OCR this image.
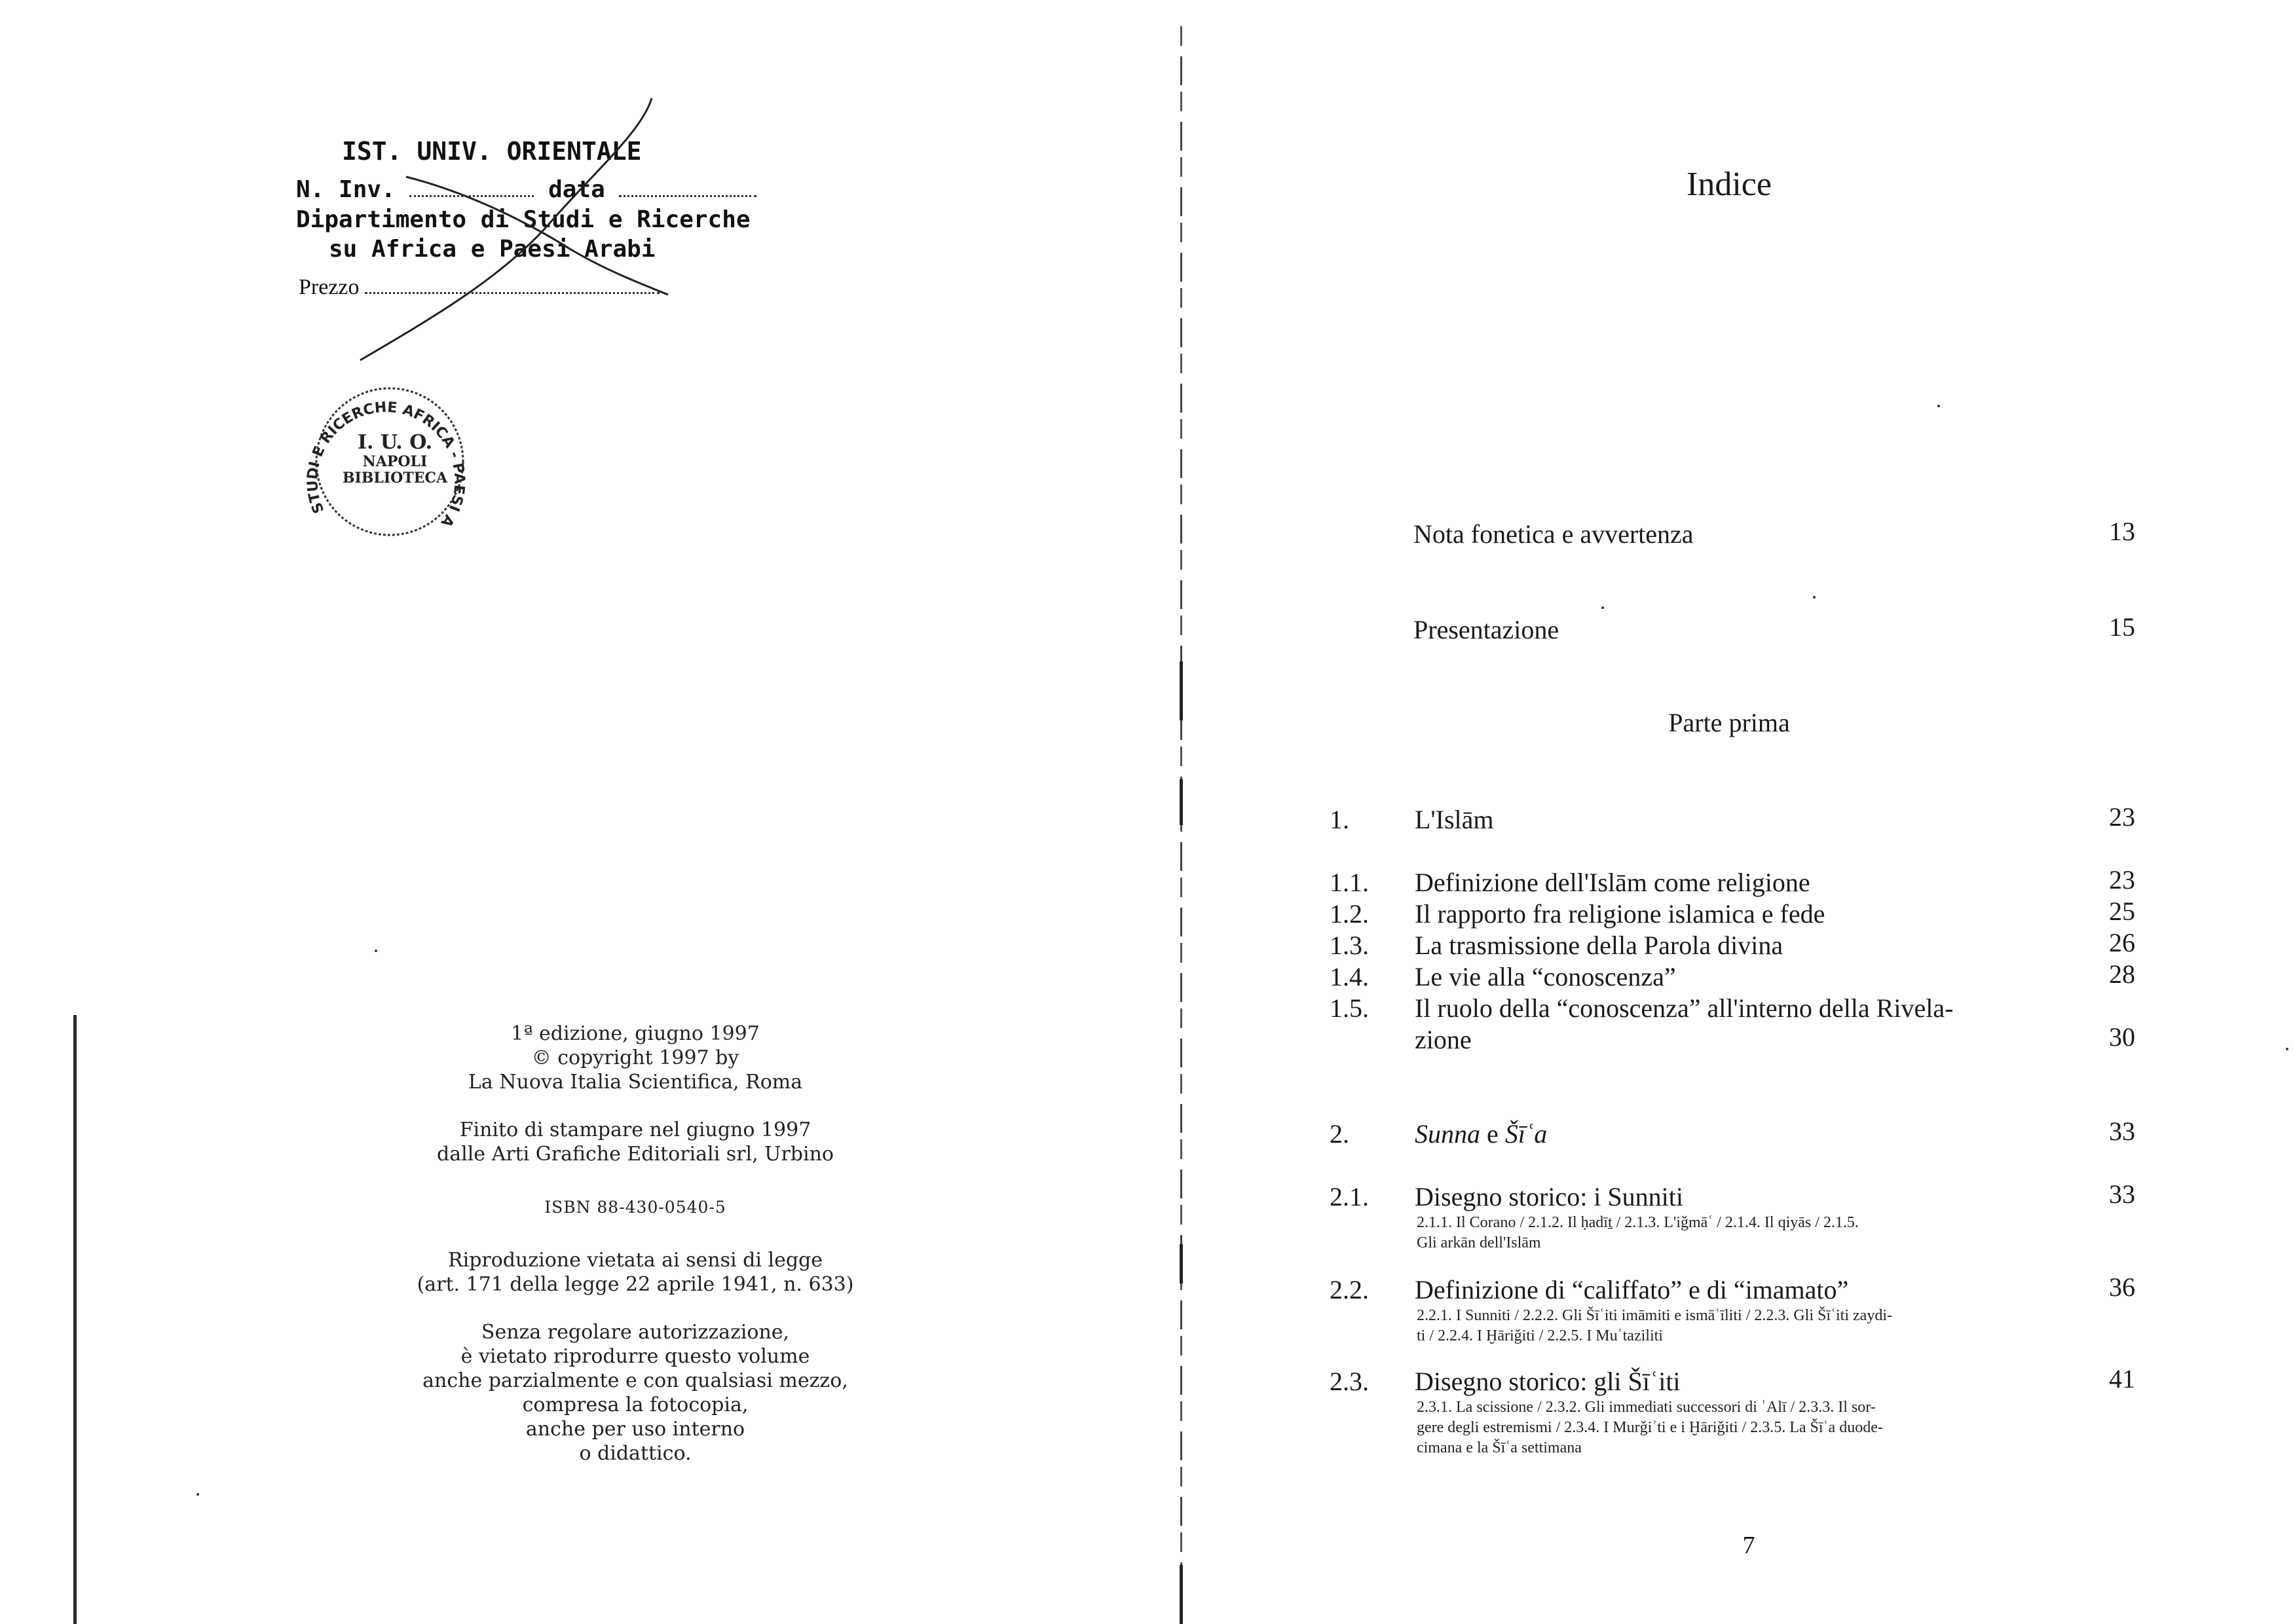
IST. UNIV. ORIENTALE
N. Inv.	data
Dipartimento di Studi e Ricerche
su Africa e Paesi Arabi
Prezzo
STUDI E RICERCHE AFRICA - PAESI A
I. U. O.
NAPOLI
BIBLIOTECA

1ª edizione, giugno 1997

© copyright 1997 by

La Nuova Italia Scientifica, Roma

Finito di stampare nel giugno 1997

dalle Arti Grafiche Editoriali srl, Urbino

ISBN 88-430-0540-5

Riproduzione vietata ai sensi di legge

(art. 171 della legge 22 aprile 1941, n. 633)

Senza regolare autorizzazione,

è vietato riprodurre questo volume

anche parzialmente e con qualsiasi mezzo,

compresa la fotocopia,

anche per uso interno

o didattico.

Indice
Nota fonetica e avvertenza	13
Presentazione	15
Parte prima
1.	L'Islām	23
1.1. Definizione dell'Islām come religione	23
1.2. Il rapporto fra religione islamica e fede	25
1.3. La trasmissione della Parola divina	26
1.4. Le vie alla “conoscenza”	28
1.5. Il ruolo della “conoscenza” all'interno della Rivela-
zione	30
2.	Sunna e Šīʿa	33
2.1. Disegno storico: i Sunniti	33
2.1.1. Il Corano / 2.1.2. Il ḥadīṯ / 2.1.3. L'iǧmāʿ / 2.1.4. Il qiyās / 2.1.5.
Gli arkān dell'Islām
2.2. Definizione di “califfato” e di “imamato”	36
2.2.1. I Sunniti / 2.2.2. Gli Šīʿiti imāmiti e ismāʿīliti / 2.2.3. Gli Šīʿiti zaydi-
ti / 2.2.4. I Ḫāriǧiti / 2.2.5. I Muʿtaziliti
2.3. Disegno storico: gli Šīʿiti	41
2.3.1. La scissione / 2.3.2. Gli immediati successori di ʿAlī / 2.3.3. Il sor-
gere degli estremismi / 2.3.4. I Murǧiʾti e i Ḫāriǧiti / 2.3.5. La Šīʿa duode-
cimana e la Šīʿa settimana
7
